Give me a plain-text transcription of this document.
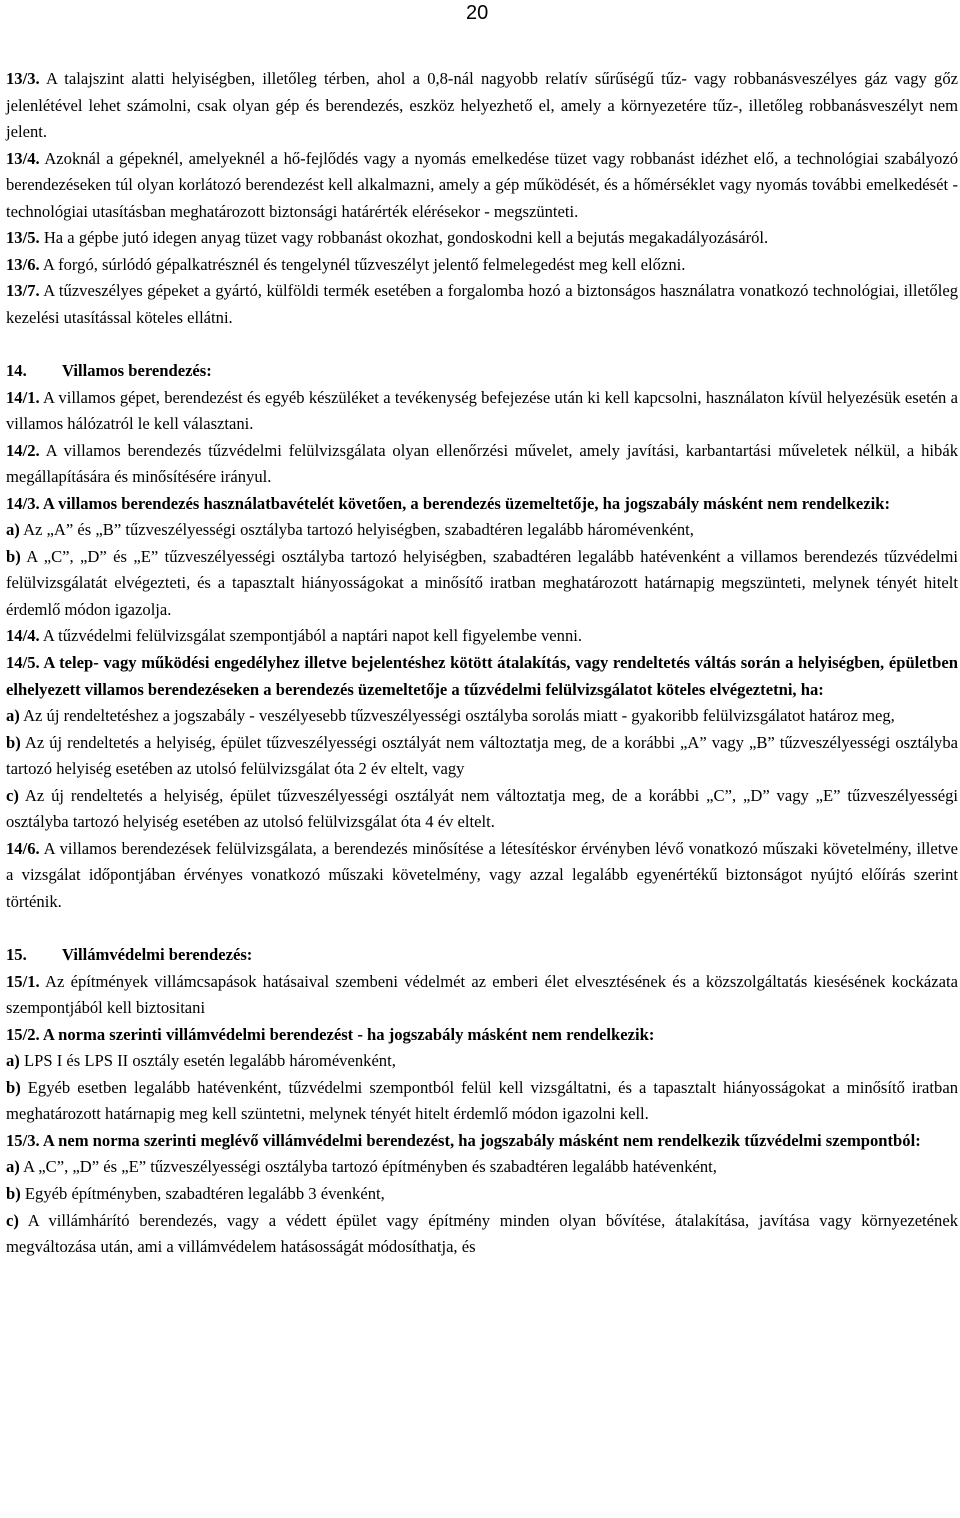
20

13/3. A talajszint alatti helyiségben, illetőleg térben, ahol a 0,8-nál nagyobb relatív sűrűségű tűz- vagy robbanásveszélyes gáz vagy gőz jelenlétével lehet számolni, csak olyan gép és berendezés, eszköz helyezhető el, amely a környezetére tűz-, illetőleg robbanásveszélyt nem jelent.

13/4. Azoknál a gépeknél, amelyeknél a hő-fejlődés vagy a nyomás emelkedése tüzet vagy robbanást idézhet elő, a technológiai szabályozó berendezéseken túl olyan korlátozó berendezést kell alkalmazni, amely a gép működését, és a hőmérséklet vagy nyomás további emelkedését - technológiai utasításban meghatározott biztonsági határérték elérésekor - megszünteti.

13/5. Ha a gépbe jutó idegen anyag tüzet vagy robbanást okozhat, gondoskodni kell a bejutás megakadályozásáról.

13/6. A forgó, súrlódó gépalkatrésznél és tengelynél tűzveszélyt jelentő felmelegedést meg kell előzni.

13/7. A tűzveszélyes gépeket a gyártó, külföldi termék esetében a forgalomba hozó a biztonságos használatra vonatkozó technológiai, illetőleg kezelési utasítással köteles ellátni.

14. Villamos berendezés:

14/1. A villamos gépet, berendezést és egyéb készüléket a tevékenység befejezése után ki kell kapcsolni, használaton kívül helyezésük esetén a villamos hálózatról le kell választani.

14/2. A villamos berendezés tűzvédelmi felülvizsgálata olyan ellenőrzési művelet, amely javítási, karbantartási műveletek nélkül, a hibák megállapítására és minősítésére irányul.

14/3. A villamos berendezés használatbavételét követően, a berendezés üzemeltetője, ha jogszabály másként nem rendelkezik:

a) Az „A” és „B” tűzveszélyességi osztályba tartozó helyiségben, szabadtéren legalább háromévenként,

b) A „C”, „D” és „E” tűzveszélyességi osztályba tartozó helyiségben, szabadtéren legalább hatévenként a villamos berendezés tűzvédelmi felülvizsgálatát elvégezteti, és a tapasztalt hiányosságokat a minősítő iratban meghatározott határnapig megszünteti, melynek tényét hitelt érdemlő módon igazolja.

14/4. A tűzvédelmi felülvizsgálat szempontjából a naptári napot kell figyelembe venni.

14/5. A telep- vagy működési engedélyhez illetve bejelentéshez kötött átalakítás, vagy rendeltetés váltás során a helyiségben, épületben elhelyezett villamos berendezéseken a berendezés üzemeltetője a tűzvédelmi felülvizsgálatot köteles elvégeztetni, ha:

a) Az új rendeltetéshez a jogszabály - veszélyesebb tűzveszélyességi osztályba sorolás miatt - gyakoribb felülvizsgálatot határoz meg,

b) Az új rendeltetés a helyiség, épület tűzveszélyességi osztályát nem változtatja meg, de a korábbi „A” vagy „B” tűzveszélyességi osztályba tartozó helyiség esetében az utolsó felülvizsgálat óta 2 év eltelt, vagy

c) Az új rendeltetés a helyiség, épület tűzveszélyességi osztályát nem változtatja meg, de a korábbi „C”, „D” vagy „E” tűzveszélyességi osztályba tartozó helyiség esetében az utolsó felülvizsgálat óta 4 év eltelt.

14/6. A villamos berendezések felülvizsgálata, a berendezés minősítése a létesítéskor érvényben lévő vonatkozó műszaki követelmény, illetve a vizsgálat időpontjában érvényes vonatkozó műszaki követelmény, vagy azzal legalább egyenértékű biztonságot nyújtó előírás szerint történik.

15. Villámvédelmi berendezés:

15/1. Az építmények villámcsapások hatásaival szembeni védelmét az emberi élet elvesztésének és a közszolgáltatás kiesésének kockázata szempontjából kell biztositani

15/2. A norma szerinti villámvédelmi berendezést - ha jogszabály másként nem rendelkezik:

a) LPS I és LPS II osztály esetén legalább háromévenként,

b) Egyéb esetben legalább hatévenként, tűzvédelmi szempontból felül kell vizsgáltatni, és a tapasztalt hiányosságokat a minősítő iratban meghatározott határnapig meg kell szüntetni, melynek tényét hitelt érdemlő módon igazolni kell.

15/3. A nem norma szerinti meglévő villámvédelmi berendezést, ha jogszabály másként nem rendelkezik tűzvédelmi szempontból:

a) A „C”, „D” és „E” tűzveszélyességi osztályba tartozó építményben és szabadtéren legalább hatévenként,

b) Egyéb építményben, szabadtéren legalább 3 évenként,

c) A villámhárító berendezés, vagy a védett épület vagy építmény minden olyan bővítése, átalakítása, javítása vagy környezetének megváltozása után, ami a villámvédelem hatásosságát módosíthatja, és
